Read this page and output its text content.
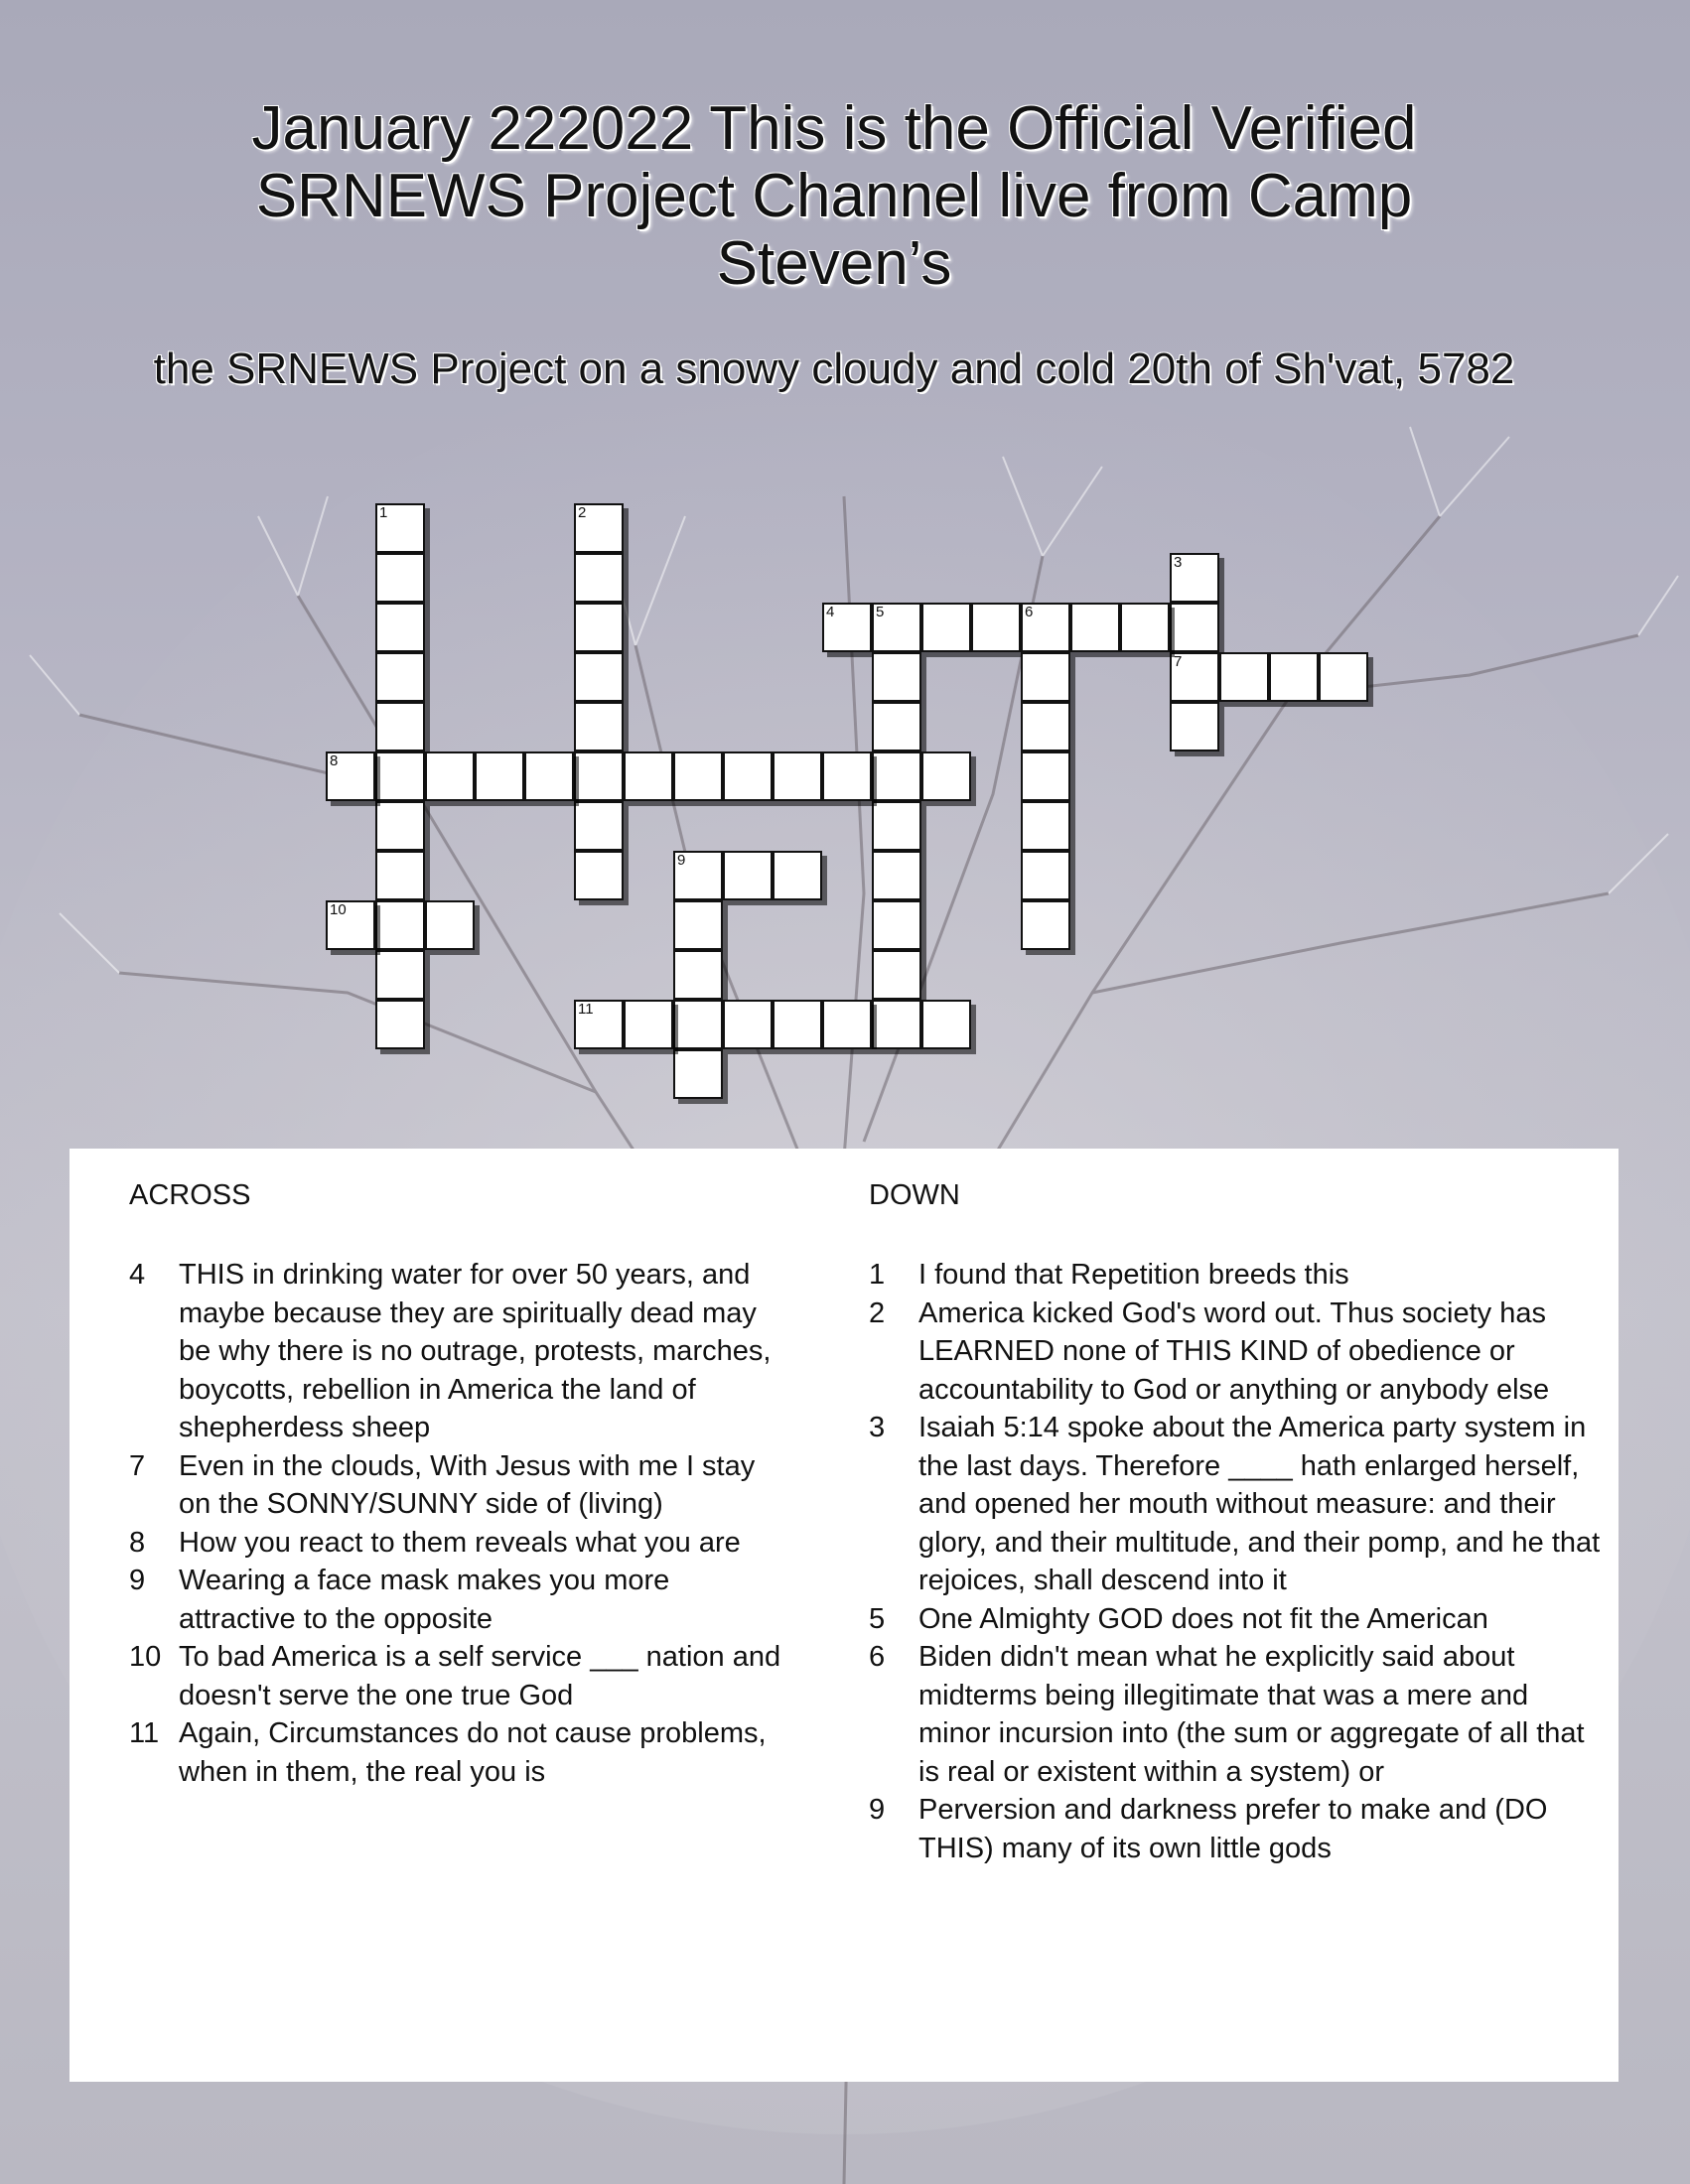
January 222022 This is the Official Verified SRNEWS Project Channel live from Camp Steven’s
the SRNEWS Project on a snowy cloudy and cold 20th of Sh'vat, 5782
1	2
3
7
4	5	6
8
9
10
11
ACROSS
4	THIS in drinking water for over 50 years, and maybe because they are spiritually dead may be why there is no outrage, protests, marches, boycotts, rebellion in America the land of shepherdess sheep
7	Even in the clouds, With Jesus with me I stay on the SONNY/SUNNY side of (living)
8	How you react to them reveals what you are
9	Wearing a face mask makes you more attractive to the opposite
10 To bad America is a self service ___ nation and doesn't serve the one true God
11 Again, Circumstances do not cause problems, when in them, the real you is
DOWN
1	I found that Repetition breeds this
2	America kicked God's word out. Thus society has LEARNED none of THIS KIND of obedience or accountability to God or anything or anybody else
3	Isaiah 5:14 spoke about the America party system in the last days. Therefore ____ hath enlarged herself, and opened her mouth without measure: and their glory, and their multitude, and their pomp, and he that rejoices, shall descend into it
5	One Almighty GOD does not fit the American
6	Biden didn't mean what he explicitly said about midterms being illegitimate that was a mere and minor incursion into (the sum or aggregate of all that is real or existent within a system) or
9	Perversion and darkness prefer to make and (DO THIS) many of its own little gods
